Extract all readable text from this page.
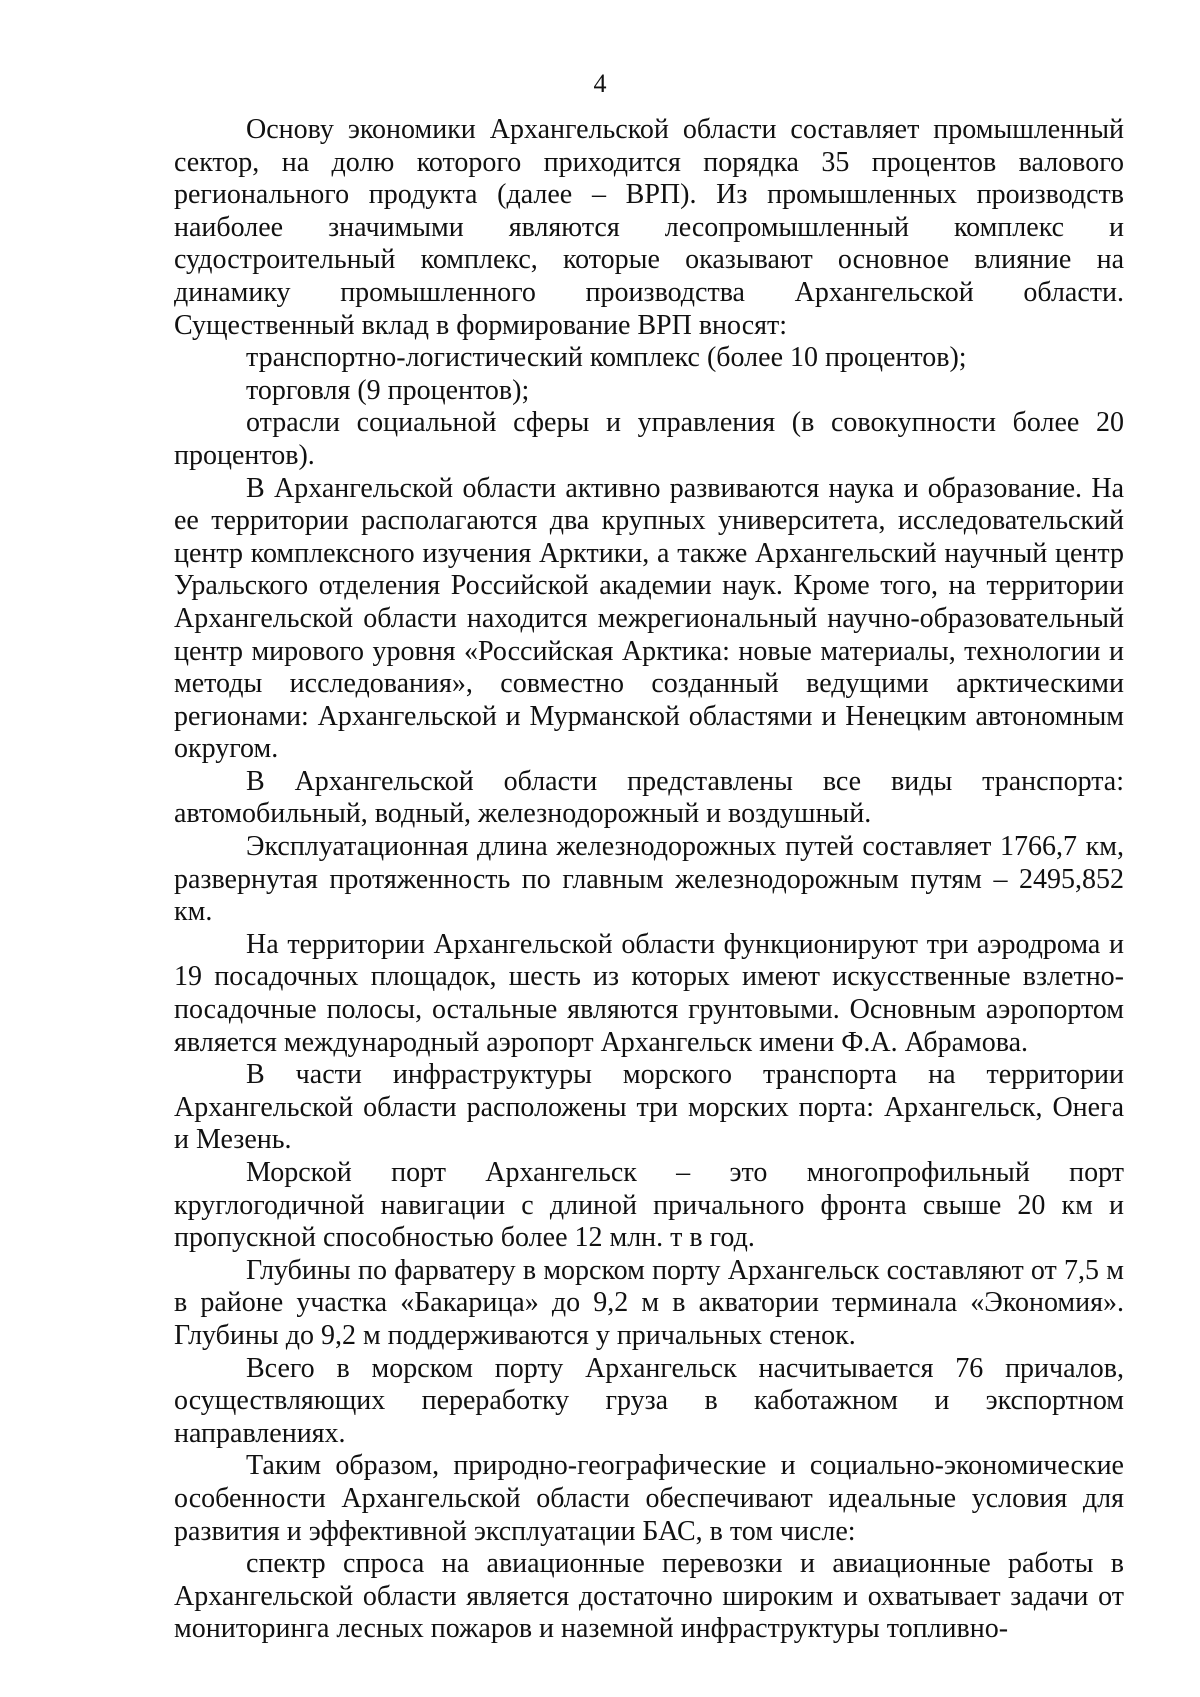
4

Основу экономики Архангельской области составляет промышленный сектор, на долю которого приходится порядка 35 процентов валового регионального продукта (далее – ВРП). Из промышленных производств наиболее значимыми являются лесопромышленный комплекс и судостроительный комплекс, которые оказывают основное влияние на динамику промышленного производства Архангельской области. Существенный вклад в формирование ВРП вносят:

транспортно-логистический комплекс (более 10 процентов);

торговля (9 процентов);

отрасли социальной сферы и управления (в совокупности более 20 процентов).

В Архангельской области активно развиваются наука и образование. На ее территории располагаются два крупных университета, исследовательский центр комплексного изучения Арктики, а также Архангельский научный центр Уральского отделения Российской академии наук. Кроме того, на территории Архангельской области находится межрегиональный научно-образовательный центр мирового уровня «Российская Арктика: новые материалы, технологии и методы исследования», совместно созданный ведущими арктическими регионами: Архангельской и Мурманской областями и Ненецким автономным округом.

В Архангельской области представлены все виды транспорта: автомобильный, водный, железнодорожный и воздушный.

Эксплуатационная длина железнодорожных путей составляет 1766,7 км, развернутая протяженность по главным железнодорожным путям – 2495,852 км.

На территории Архангельской области функционируют три аэродрома и 19 посадочных площадок, шесть из которых имеют искусственные взлетно-посадочные полосы, остальные являются грунтовыми. Основным аэропортом является международный аэропорт Архангельск имени Ф.А. Абрамова.

В части инфраструктуры морского транспорта на территории Архангельской области расположены три морских порта: Архангельск, Онега и Мезень.

Морской порт Архангельск – это многопрофильный порт круглогодичной навигации с длиной причального фронта свыше 20 км и пропускной способностью более 12 млн. т в год.

Глубины по фарватеру в морском порту Архангельск составляют от 7,5 м в районе участка «Бакарица» до 9,2 м в акватории терминала «Экономия». Глубины до 9,2 м поддерживаются у причальных стенок.

Всего в морском порту Архангельск насчитывается 76 причалов, осуществляющих переработку груза в каботажном и экспортном направлениях.

Таким образом, природно-географические и социально-экономические особенности Архангельской области обеспечивают идеальные условия для развития и эффективной эксплуатации БАС, в том числе:

спектр спроса на авиационные перевозки и авиационные работы в Архангельской области является достаточно широким и охватывает задачи от мониторинга лесных пожаров и наземной инфраструктуры топливно-
